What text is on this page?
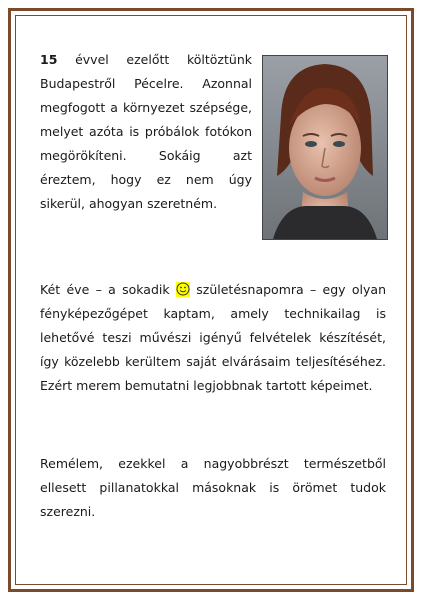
15 évvel ezelőtt költöztünk Budapestről Pécelre. Azonnal megfogott a környezet szépsége, melyet azóta is próbálok fotókon megörökíteni. Sokáig azt éreztem, hogy ez nem úgy sikerül, ahogyan szeretném.

Két éve – a sokadik születésnapomra – egy olyan fényképezőgépet kaptam, amely technikailag is lehetővé teszi művészi igényű felvételek készítését, így közelebb kerültem saját elvárásaim teljesítéséhez. Ezért merem bemutatni legjobbnak tartott képeimet.

Remélem, ezekkel a nagyobbrészt természetből ellesett pillanatokkal másoknak is örömet tudok szerezni.
